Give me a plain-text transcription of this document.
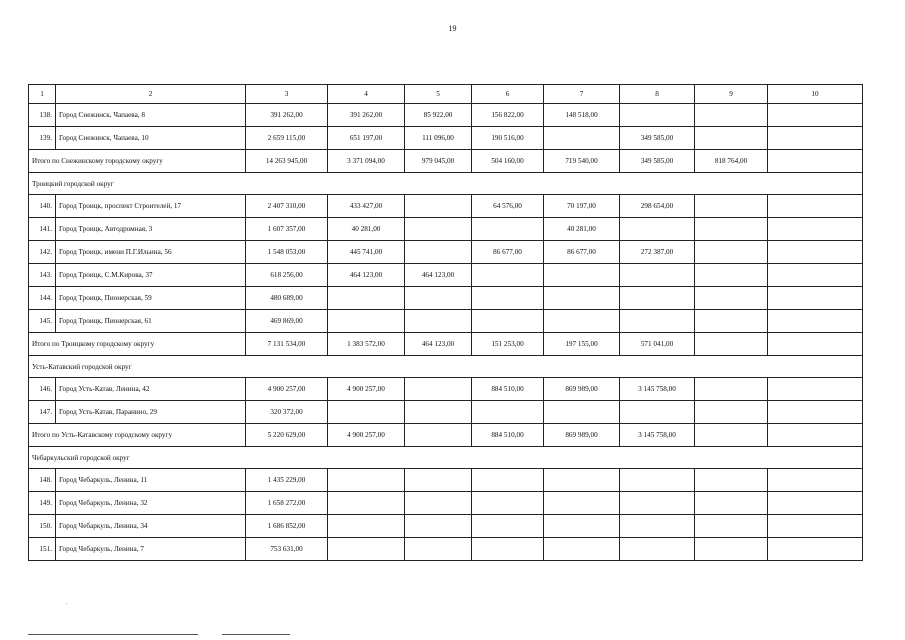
19
1	2	3	4	5	6	7	8	9	10
138.	Город Снежинск, Чапаева, 8	391 262,00	391 262,00	85 922,00	156 822,00	148 518,00			
139.	Город Снежинск, Чапаева, 10	2 659 115,00	651 197,00	111 096,00	190 516,00		349 585,00		
Итого по Снежинскому городскому округу		14 263 945,00	3 371 094,00	979 045,00	504 160,00	719 540,00	349 585,00	818 764,00	
Троицкий городской округ									
140.	Город Троицк, проспект Строителей, 17	2 407 310,00	433 427,00		64 576,00	70 197,00	298 654,00		
141.	Город Троицк, Автодромная, 3	1 607 357,00	40 281,00			40 281,00			
142.	Город Троицк, имени П.Г.Ильина, 56	1 548 053,00	445 741,00		86 677,00	86 677,00	272 387,00		
143.	Город Троицк, С.М.Кирова, 37	618 256,00	464 123,00	464 123,00					
144.	Город Троицк, Пионерская, 59	480 689,00							
145.	Город Троицк, Пионерская, 61	469 869,00							
Итого по Троицкому городскому округу		7 131 534,00	1 383 572,00	464 123,00	151 253,00	197 155,00	571 041,00		
Усть-Катавский городской округ									
146.	Город Усть-Катав, Ленина, 42	4 900 257,00	4 900 257,00		884 510,00	869 989,00	3 145 758,00		
147.	Город Усть-Катав, Паранино, 29	320 372,00							
Итого по Усть-Катавскому городскому округу		5 220 629,00	4 900 257,00		884 510,00	869 989,00	3 145 758,00		
Чебаркульский городской округ									
148.	Город Чебаркуль, Ленина, 11	1 435 229,00							
149.	Город Чебаркуль, Ленина, 32	1 658 272,00							
150.	Город Чебаркуль, Ленина, 34	1 686 852,00							
151.	Город Чебаркуль, Ленина, 7	753 631,00							
